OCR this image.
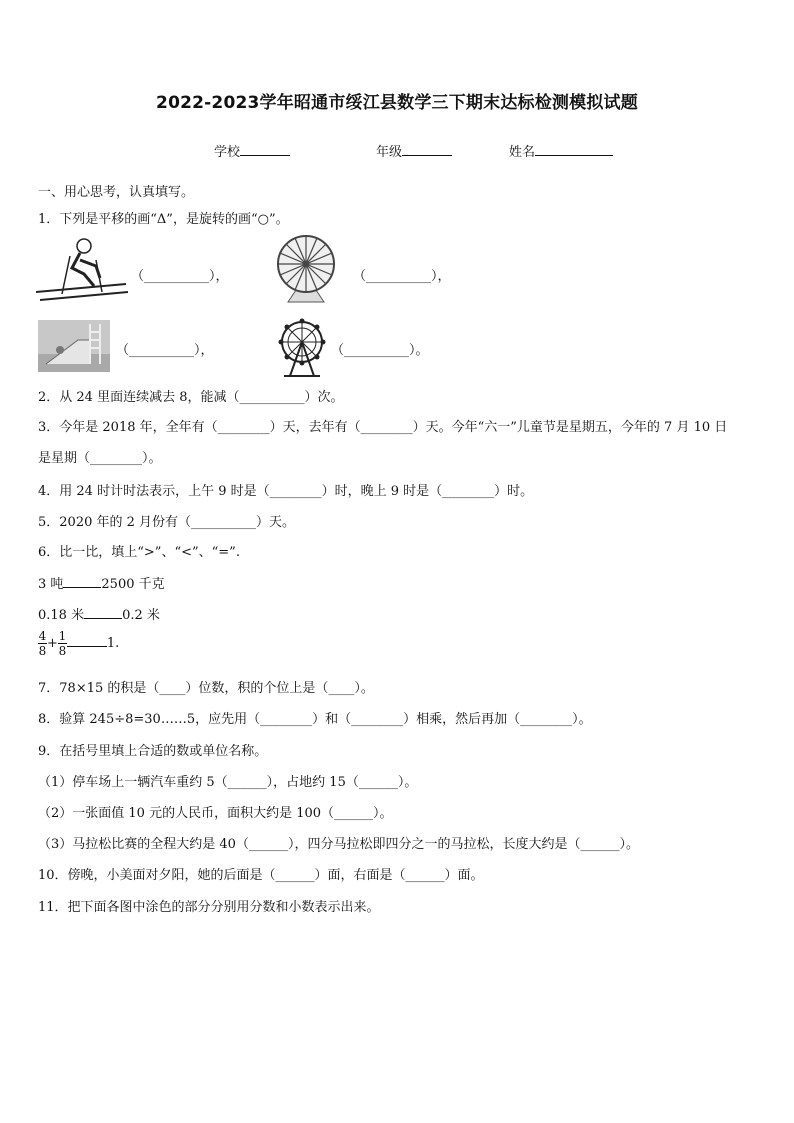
2022-2023学年昭通市绥江县数学三下期末达标检测模拟试题
学校	年级	姓名
一、用心思考，认真填写。
1．下列是平移的画“Δ”，是旋转的画“○”。
（__________），	（__________），
（__________），	（__________）。
2．从 24 里面连续减去 8，能减（__________）次。
3．今年是 2018 年，全年有（________）天，去年有（________）天。今年“六一”儿童节是星期五，今年的 7 月 10 日
是星期（________）。
4．用 24 时计时法表示，上午 9 时是（________）时，晚上 9 时是（________）时。
5．2020 年的 2 月份有（__________）天。
6．比一比，填上“>”、“<”、“=”.
3 吨	2500 千克
0.18 米	0.2 米
$\frac{4}{8} + \frac{1}{8}$	1.
7．78×15 的积是（____）位数，积的个位上是（____）。
8．验算 245÷8=30……5，应先用（________）和（________）相乘，然后再加（________）。
9．在括号里填上合适的数或单位名称。
（1）停车场上一辆汽车重约 5（______），占地约 15（______）。
（2）一张面值 10 元的人民币，面积大约是 100（______）。
（3）马拉松比赛的全程大约是 40（______），四分马拉松即四分之一的马拉松，长度大约是（______）。
10．傍晚，小美面对夕阳，她的后面是（______）面，右面是（______）面。
11．把下面各图中涂色的部分分别用分数和小数表示出来。
